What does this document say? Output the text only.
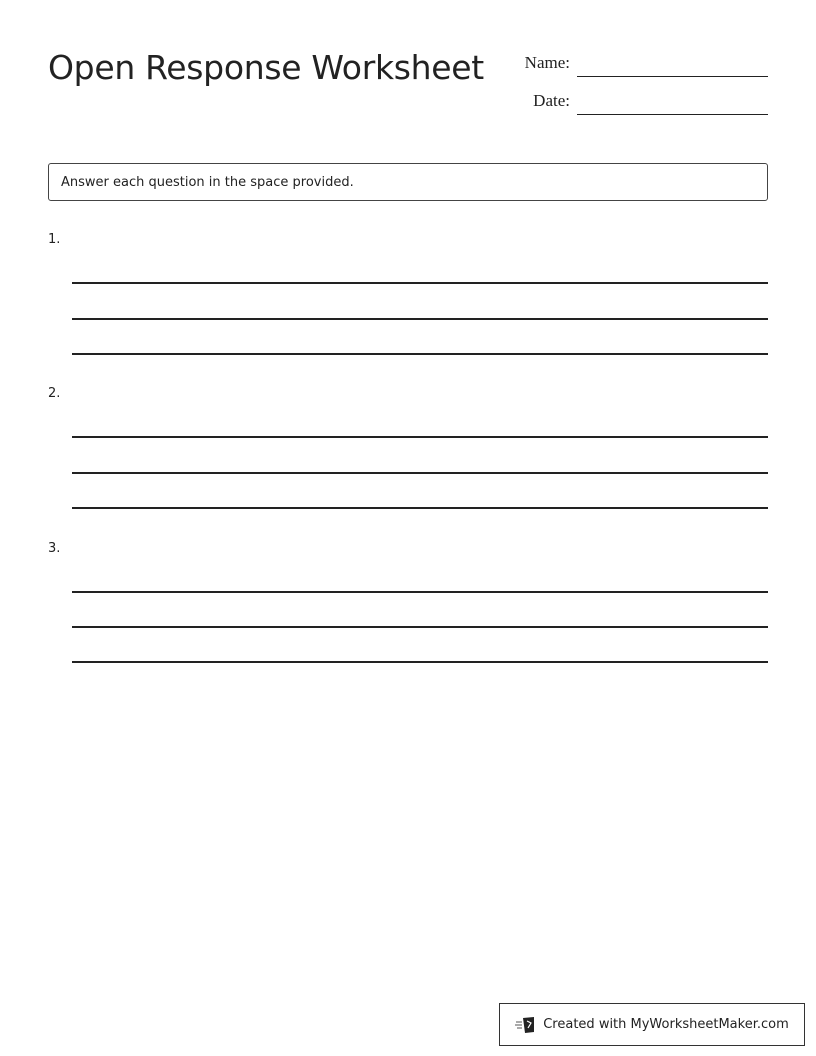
Open Response Worksheet	Name:
Date:
Answer each question in the space provided.
1.
2.
3.
Created with MyWorksheetMaker.com
